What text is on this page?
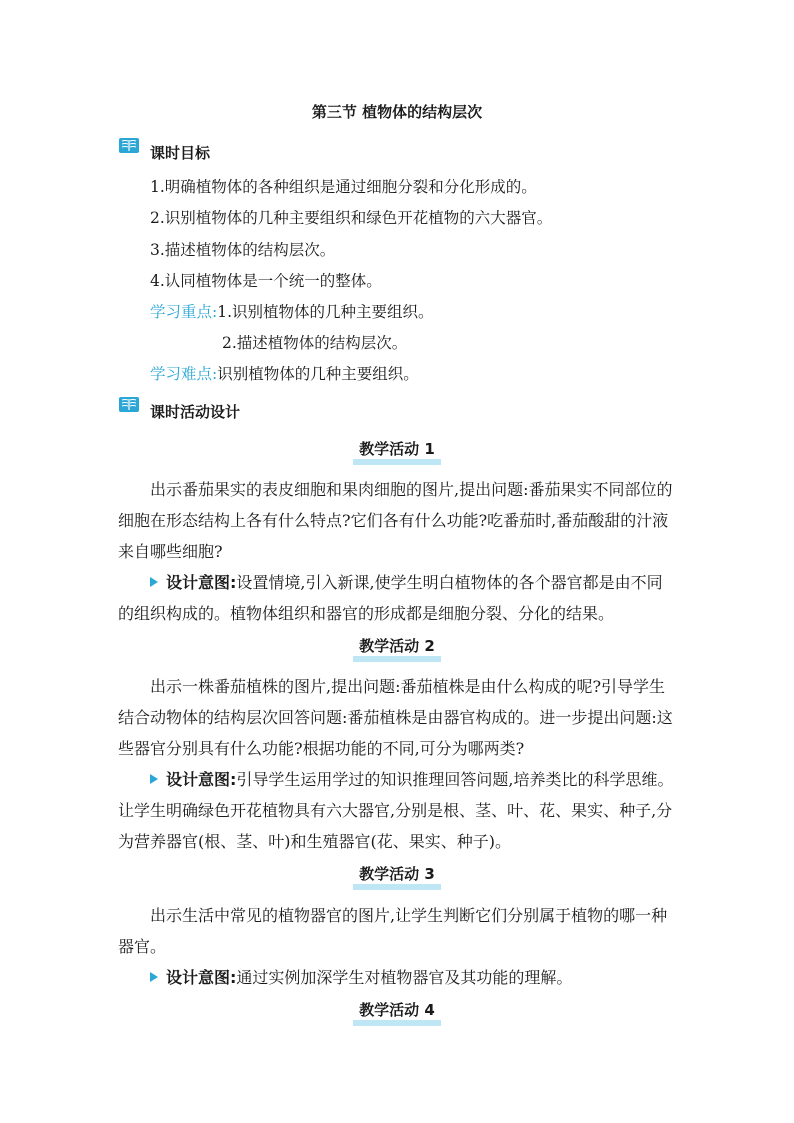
第三节 植物体的结构层次
课时目标
1.明确植物体的各种组织是通过细胞分裂和分化形成的。
2.识别植物体的几种主要组织和绿色开花植物的六大器官。
3.描述植物体的结构层次。
4.认同植物体是一个统一的整体。
学习重点:1.识别植物体的几种主要组织。
2.描述植物体的结构层次。
学习难点:识别植物体的几种主要组织。
课时活动设计
教学活动 1
出示番茄果实的表皮细胞和果肉细胞的图片,提出问题:番茄果实不同部位的
细胞在形态结构上各有什么特点?它们各有什么功能?吃番茄时,番茄酸甜的汁液
来自哪些细胞?
设计意图:设置情境,引入新课,使学生明白植物体的各个器官都是由不同
的组织构成的。植物体组织和器官的形成都是细胞分裂、分化的结果。
教学活动 2
出示一株番茄植株的图片,提出问题:番茄植株是由什么构成的呢?引导学生
结合动物体的结构层次回答问题:番茄植株是由器官构成的。进一步提出问题:这
些器官分别具有什么功能?根据功能的不同,可分为哪两类?
设计意图:引导学生运用学过的知识推理回答问题,培养类比的科学思维。
让学生明确绿色开花植物具有六大器官,分别是根、茎、叶、花、果实、种子,分
为营养器官(根、茎、叶)和生殖器官(花、果实、种子)。
教学活动 3
出示生活中常见的植物器官的图片,让学生判断它们分别属于植物的哪一种
器官。
设计意图:通过实例加深学生对植物器官及其功能的理解。
教学活动 4
